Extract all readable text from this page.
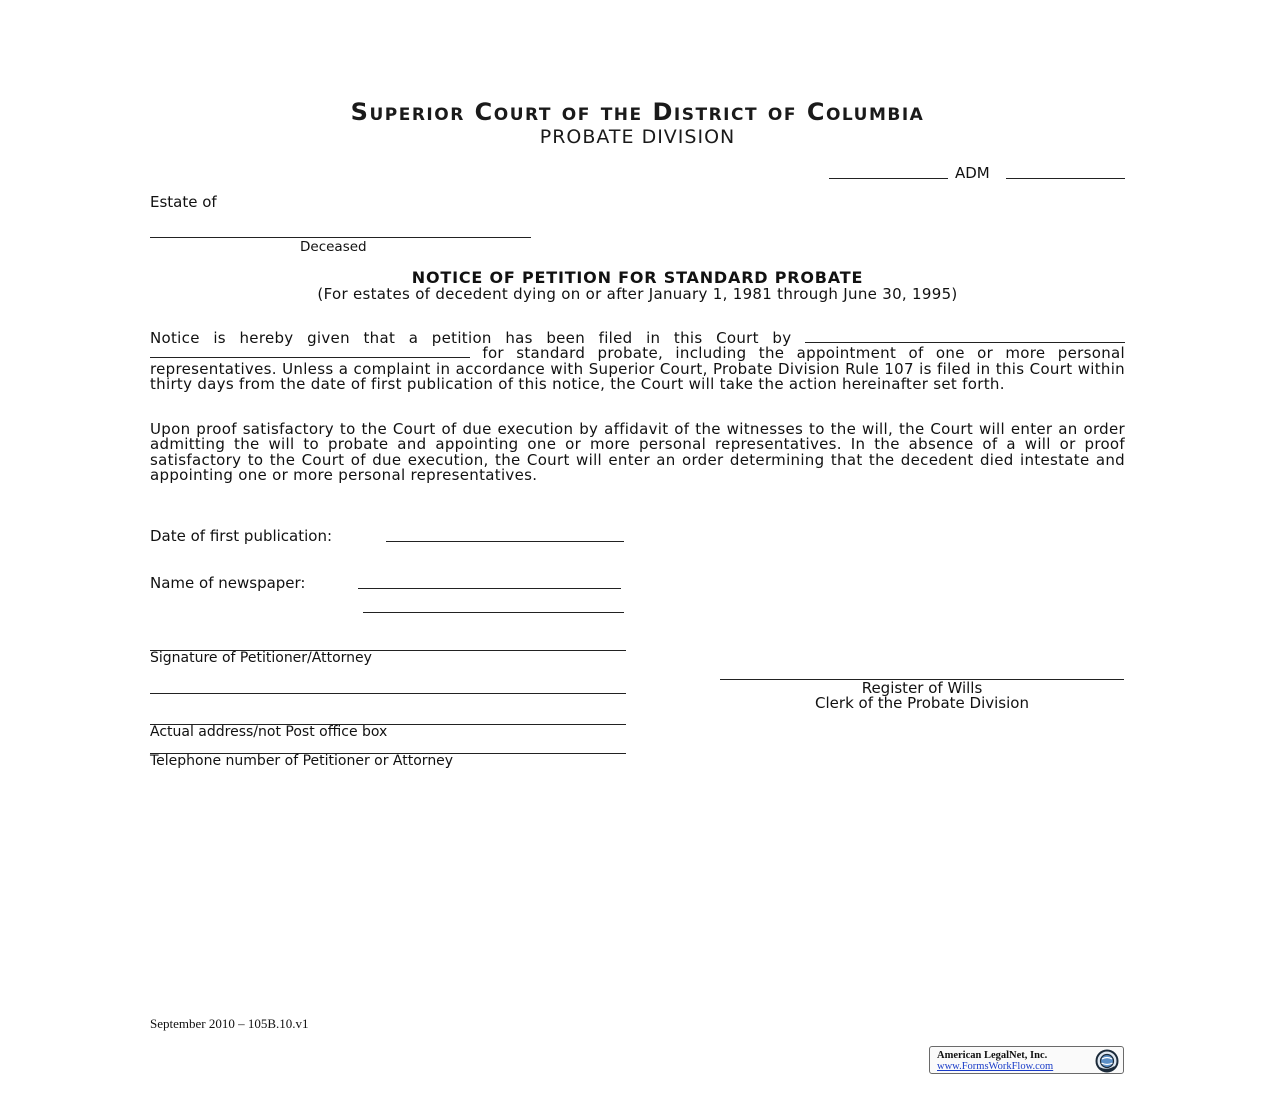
Superior Court of the District of Columbia
PROBATE DIVISION
ADM
Estate of
Deceased
NOTICE OF PETITION FOR STANDARD PROBATE
(For estates of decedent dying on or after January 1, 1981 through June 30, 1995)
Notice is hereby given that a petition has been filed in this Court by   for standard probate, including the appointment of one or more personal representatives. Unless a complaint in accordance with Superior Court, Probate Division Rule 107 is filed in this Court within thirty days from the date of first publication of this notice, the Court will take the action hereinafter set forth.
Upon proof satisfactory to the Court of due execution by affidavit of the witnesses to the will, the Court will enter an order admitting the will to probate and appointing one or more personal representatives. In the absence of a will or proof satisfactory to the Court of due execution, the Court will enter an order determining that the decedent died intestate and appointing one or more personal representatives.
Date of first publication:
Name of newspaper:
Signature of Petitioner/Attorney
Actual address/not Post office box
Telephone number of Petitioner or Attorney
Register of Wills
Clerk of the Probate Division
September 2010 – 105B.10.v1
American LegalNet, Inc.
www.FormsWorkFlow.com
